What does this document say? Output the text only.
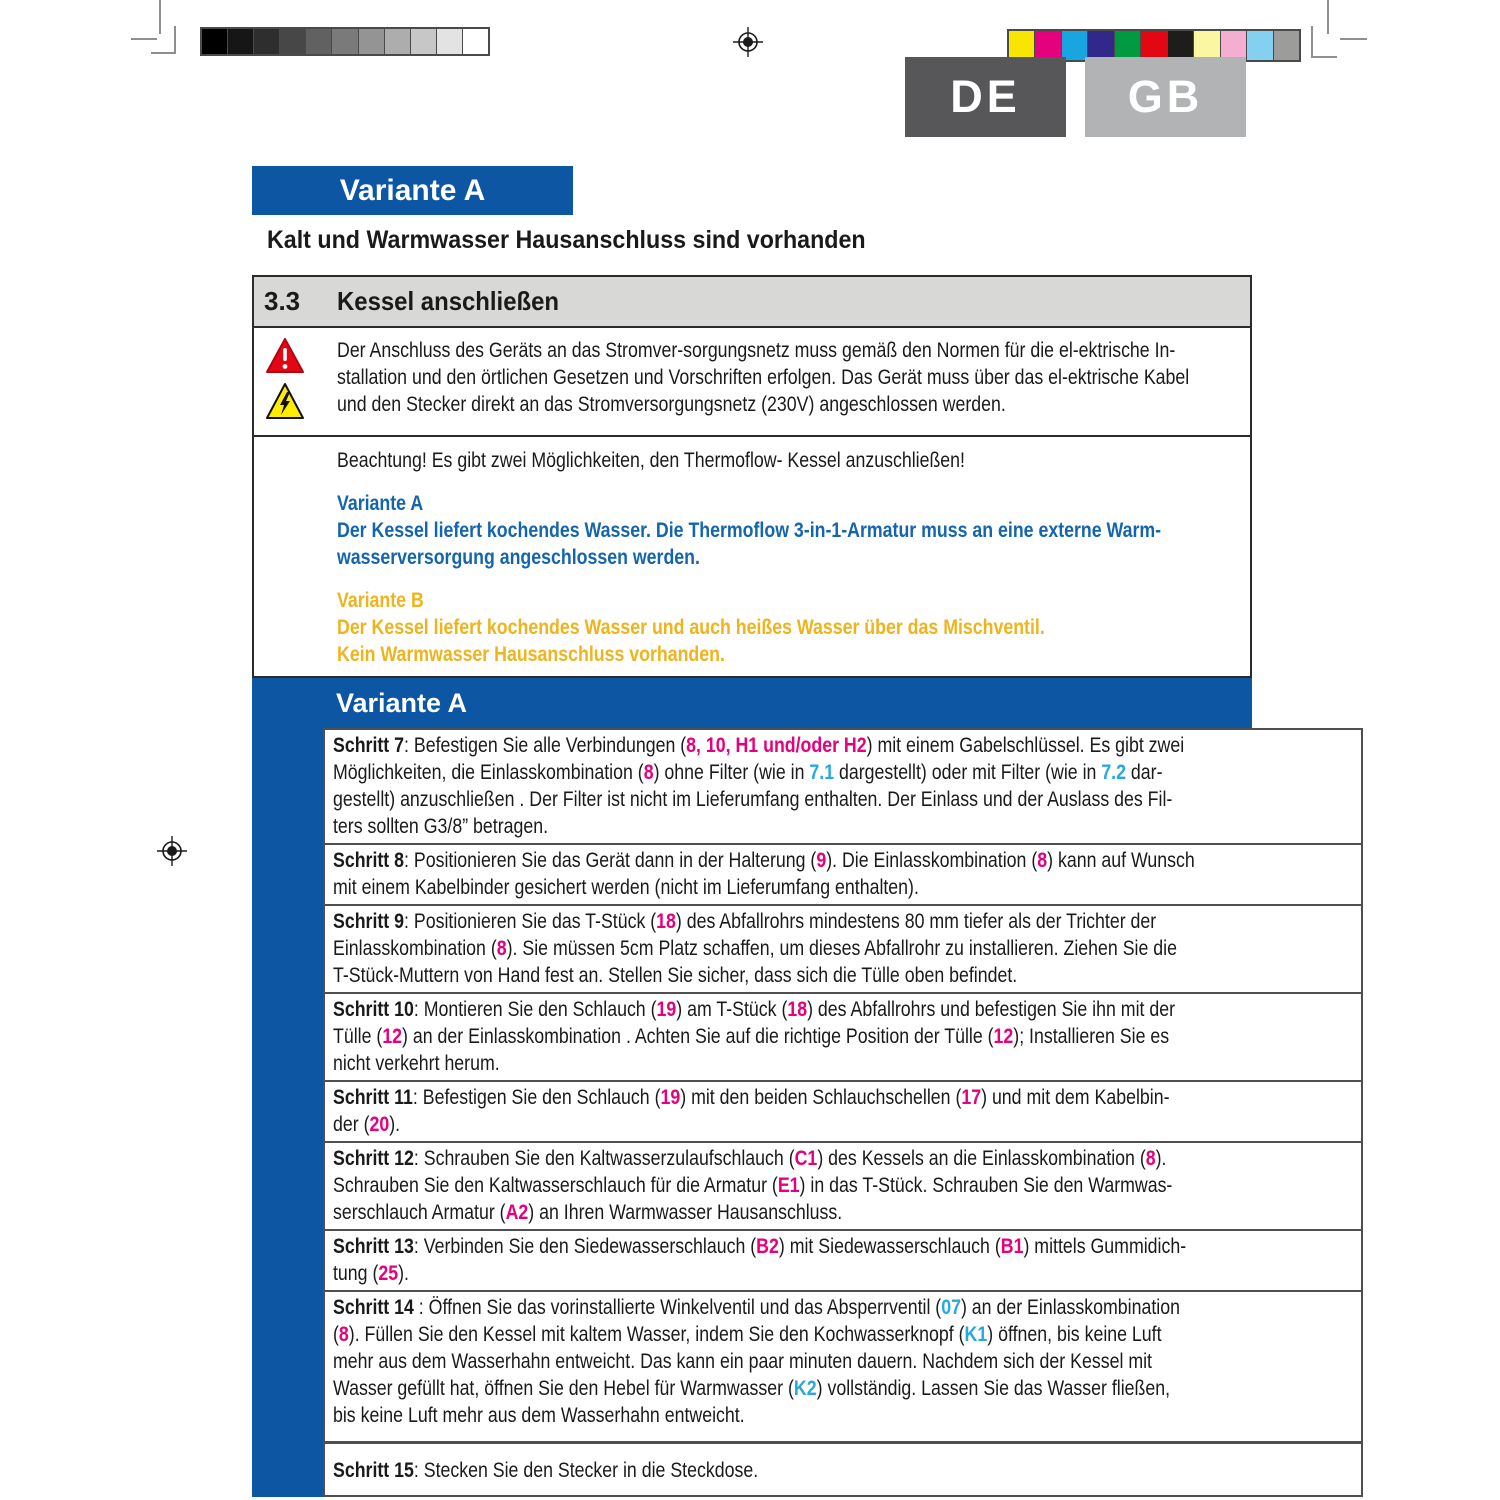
DE GB
Variante A
Kalt und Warmwasser Hausanschluss sind vorhanden
3.3	Kessel anschließen
Der Anschluss des Geräts an das Stromver-sorgungsnetz muss gemäß den Normen für die el-ektrische In-
stallation und den örtlichen Gesetzen und Vorschriften erfolgen. Das Gerät muss über das el-ektrische Kabel
und den Stecker direkt an das Stromversorgungsnetz (230V) angeschlossen werden.
Beachtung! Es gibt zwei Möglichkeiten, den Thermoflow- Kessel anzuschließen!
Variante A
Der Kessel liefert kochendes Wasser. Die Thermoflow 3-in-1-Armatur muss an eine externe Warm-
wasserversorgung angeschlossen werden.
Variante B
Der Kessel liefert kochendes Wasser und auch heißes Wasser über das Mischventil.
Kein Warmwasser Hausanschluss vorhanden.
Variante A
Schritt 7: Befestigen Sie alle Verbindungen (8, 10, H1 und/oder H2) mit einem Gabelschlüssel. Es gibt zwei
Möglichkeiten, die Einlasskombination (8) ohne Filter (wie in 7.1 dargestellt) oder mit Filter (wie in 7.2 dar-
gestellt) anzuschließen . Der Filter ist nicht im Lieferumfang enthalten. Der Einlass und der Auslass des Fil-
ters sollten G3/8” betragen.
Schritt 8: Positionieren Sie das Gerät dann in der Halterung (9). Die Einlasskombination (8) kann auf Wunsch
mit einem Kabelbinder gesichert werden (nicht im Lieferumfang enthalten).
Schritt 9: Positionieren Sie das T-Stück (18) des Abfallrohrs mindestens 80 mm tiefer als der Trichter der
Einlasskombination (8). Sie müssen 5cm Platz schaffen, um dieses Abfallrohr zu installieren. Ziehen Sie die
T-Stück-Muttern von Hand fest an. Stellen Sie sicher, dass sich die Tülle oben befindet.
Schritt 10: Montieren Sie den Schlauch (19) am T-Stück (18) des Abfallrohrs und befestigen Sie ihn mit der
Tülle (12) an der Einlasskombination . Achten Sie auf die richtige Position der Tülle (12); Installieren Sie es
nicht verkehrt herum.
Schritt 11: Befestigen Sie den Schlauch (19) mit den beiden Schlauchschellen (17) und mit dem Kabelbin-
der (20).
Schritt 12: Schrauben Sie den Kaltwasserzulaufschlauch (C1) des Kessels an die Einlasskombination (8).
Schrauben Sie den Kaltwasserschlauch für die Armatur (E1) in das T-Stück. Schrauben Sie den Warmwas-
serschlauch Armatur (A2) an Ihren Warmwasser Hausanschluss.
Schritt 13: Verbinden Sie den Siedewasserschlauch (B2) mit Siedewasserschlauch (B1) mittels Gummidich-
tung (25).
Schritt 14 : Öffnen Sie das vorinstallierte Winkelventil und das Absperrventil (07) an der Einlasskombination
(8). Füllen Sie den Kessel mit kaltem Wasser, indem Sie den Kochwasserknopf (K1) öffnen, bis keine Luft
mehr aus dem Wasserhahn entweicht. Das kann ein paar minuten dauern. Nachdem sich der Kessel mit
Wasser gefüllt hat, öffnen Sie den Hebel für Warmwasser (K2) vollständig. Lassen Sie das Wasser fließen,
bis keine Luft mehr aus dem Wasserhahn entweicht.
Schritt 15: Stecken Sie den Stecker in die Steckdose.
